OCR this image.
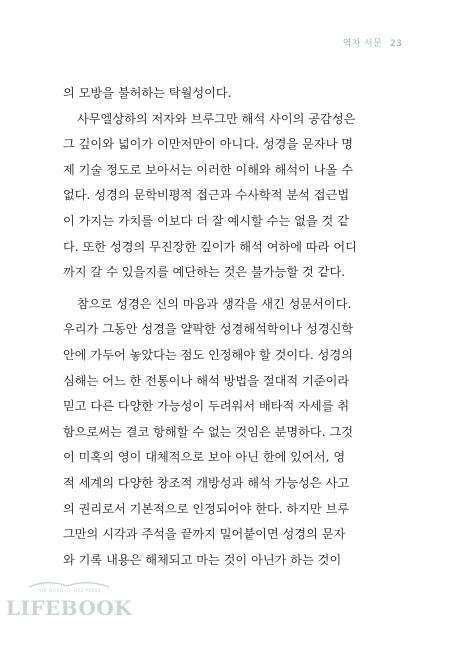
역자 서문 23
의 모방을 불허하는 탁월성이다.
사무엘상하의 저자와 브루그만 해석 사이의 공감성은
그 깊이와 넓이가 이만저만이 아니다. 성경을 문자나 명
제 기술 정도로 보아서는 이러한 이해와 해석이 나올 수
없다. 성경의 문학비평적 접근과 수사학적 분석 접근법
이 가지는 가치를 이보다 더 잘 예시할 수는 없을 것 같
다. 또한 성경의 무진장한 깊이가 해석 여하에 따라 어디
까지 갈 수 있을지를 예단하는 것은 불가능할 것 같다.
참으로 성경은 신의 마음과 생각을 새긴 성문서이다.
우리가 그동안 성경을 얄팍한 성경해석학이나 성경신학
안에 가두어 놓았다는 점도 인정해야 할 것이다. 성경의
심해는 어느 한 전통이나 해석 방법을 절대적 기준이라
믿고 다른 다양한 가능성이 두려워서 배타적 자세를 취
함으로써는 결코 항해할 수 없는 것임은 분명하다. 그것
이 미혹의 영이 대체적으로 보아 아닌 한에 있어서, 영
적 세계의 다양한 창조적 개방성과 해석 가능성은 사고
의 권리로서 기본적으로 인정되어야 한다. 하지만 브루
그만의 시각과 주석을 끝까지 밀어붙이면 성경의 문자
와 기록 내용은 해체되고 마는 것이 아닌가 하는 것이
THE WORD OF LIFE PRESS
LIFEBOOK
